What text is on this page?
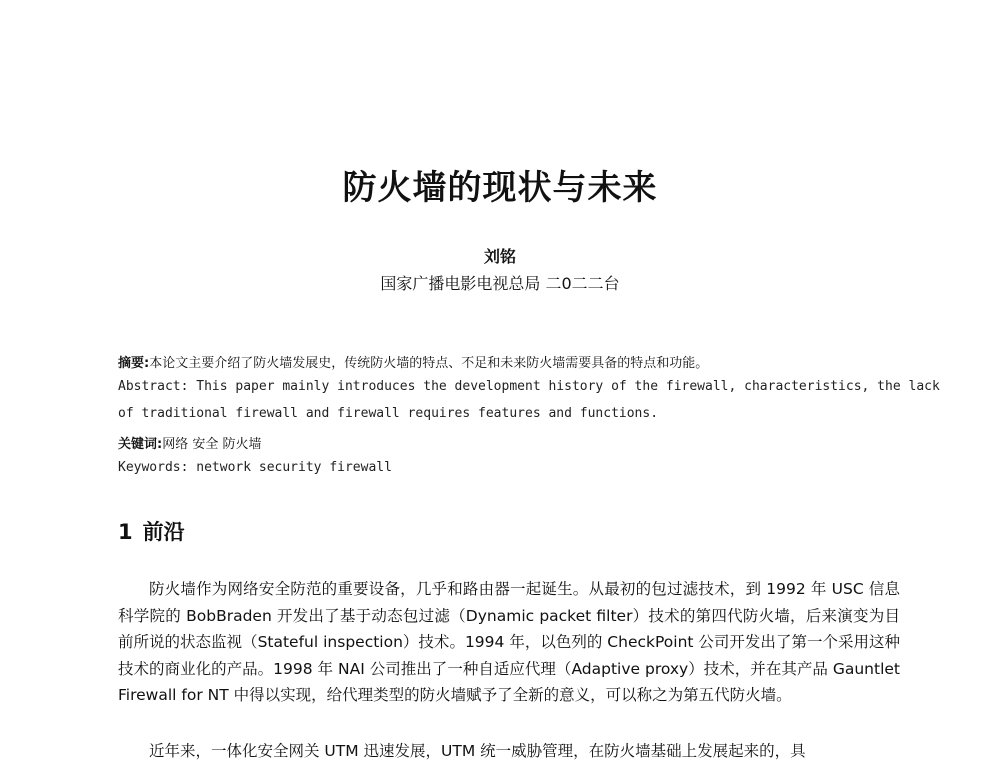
防火墙的现状与未来
刘铭
国家广播电影电视总局 二0二二台
摘要:本论文主要介绍了防火墙发展史，传统防火墙的特点、不足和未来防火墙需要具备的特点和功能。
Abstract: This paper mainly introduces the development history of the firewall, characteristics, the lack
of traditional firewall and firewall requires features and functions.
关键词:网络 安全 防火墙
Keywords: network security firewall
1 前沿
防火墙作为网络安全防范的重要设备，几乎和路由器一起诞生。从最初的包过滤技术，到 1992 年 USC 信息科学院的 BobBraden 开发出了基于动态包过滤（Dynamic packet filter）技术的第四代防火墙，后来演变为目前所说的状态监视（Stateful inspection）技术。1994 年，以色列的 CheckPoint 公司开发出了第一个采用这种技术的商业化的产品。1998 年 NAI 公司推出了一种自适应代理（Adaptive proxy）技术，并在其产品 Gauntlet Firewall for NT 中得以实现，给代理类型的防火墙赋予了全新的意义，可以称之为第五代防火墙。
近年来，一体化安全网关 UTM 迅速发展，UTM 统一威胁管理，在防火墙基础上发展起来的，具
